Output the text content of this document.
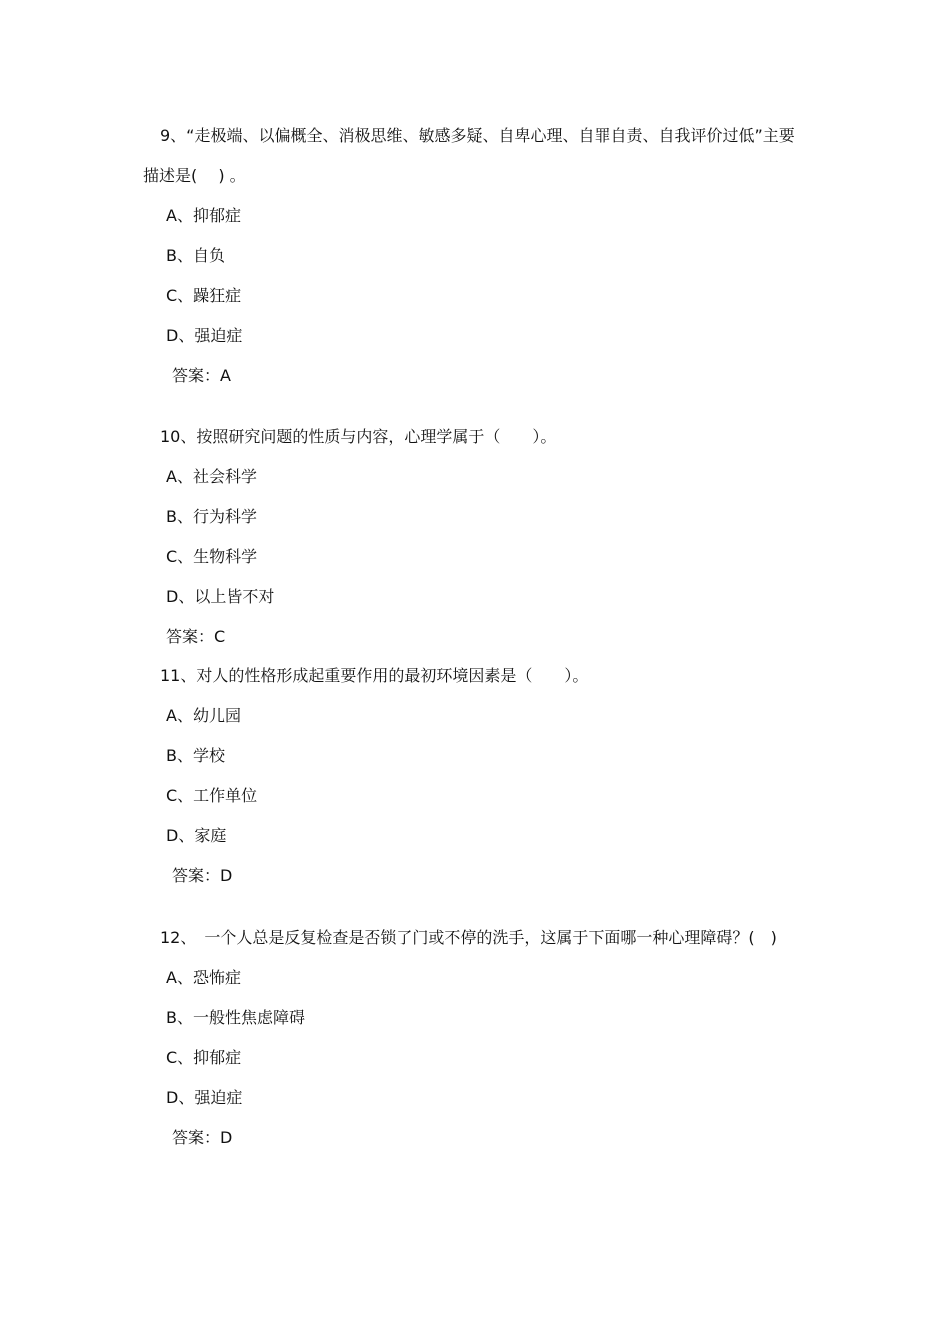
9、“走极端、以偏概全、消极思维、敏感多疑、自卑心理、自罪自责、自我评价过低”主要
描述是(　 ) 。
A、抑郁症
B、自负
C、躁狂症
D、强迫症
答案：A
10、按照研究问题的性质与内容，心理学属于（　　）。
A、社会科学
B、行为科学
C、生物科学
D、以上皆不对
答案：C
11、对人的性格形成起重要作用的最初环境因素是（　　）。
A、幼儿园
B、学校
C、工作单位
D、家庭
答案：D
12、　一个人总是反复检查是否锁了门或不停的洗手，这属于下面哪一种心理障碍？(　)
A、恐怖症
B、一般性焦虑障碍
C、抑郁症
D、强迫症
答案：D
